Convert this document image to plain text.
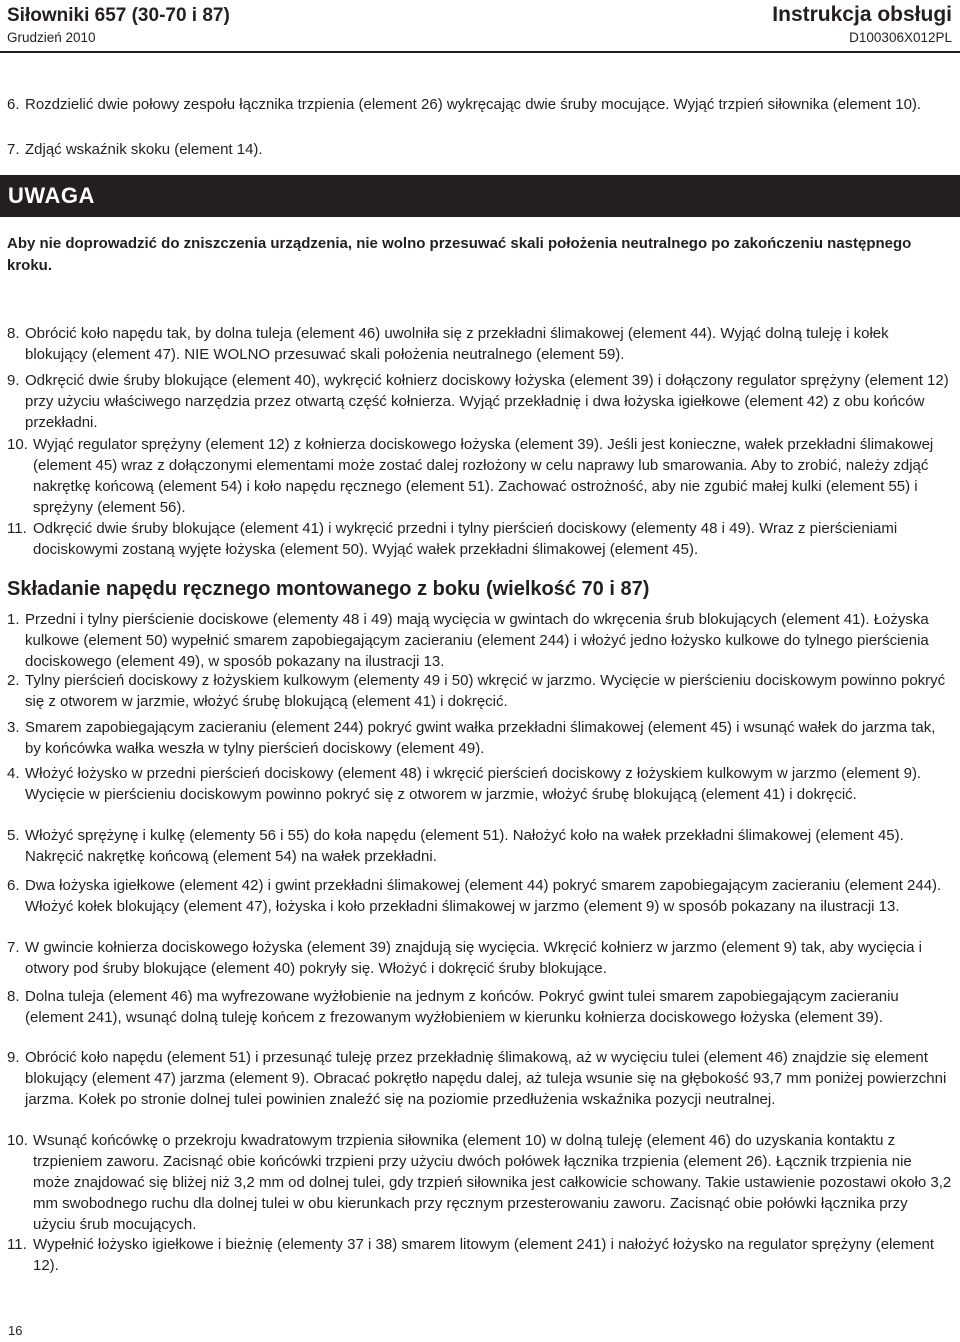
Siłowniki 657 (30-70 i 87)
Grudzień 2010
Instrukcja obsługi
D100306X012PL
6. Rozdzielić dwie połowy zespołu łącznika trzpienia (element 26) wykręcając dwie śruby mocujące. Wyjąć trzpień siłownika (element 10).
7. Zdjąć wskaźnik skoku (element 14).
UWAGA
Aby nie doprowadzić do zniszczenia urządzenia, nie wolno przesuwać skali położenia neutralnego po zakończeniu następnego kroku.
8. Obrócić koło napędu tak, by dolna tuleja (element 46) uwolniła się z przekładni ślimakowej (element 44). Wyjąć dolną tuleję i kołek blokujący (element 47). NIE WOLNO przesuwać skali położenia neutralnego (element 59).
9. Odkręcić dwie śruby blokujące (element 40), wykręcić kołnierz dociskowy łożyska (element 39) i dołączony regulator sprężyny (element 12) przy użyciu właściwego narzędzia przez otwartą część kołnierza. Wyjąć przekładnię i dwa łożyska igiełkowe (element 42) z obu końców przekładni.
10. Wyjąć regulator sprężyny (element 12) z kołnierza dociskowego łożyska (element 39). Jeśli jest konieczne, wałek przekładni ślimakowej (element 45) wraz z dołączonymi elementami może zostać dalej rozłożony w celu naprawy lub smarowania. Aby to zrobić, należy zdjąć nakrętkę końcową (element 54) i koło napędu ręcznego (element 51). Zachować ostrożność, aby nie zgubić małej kulki (element 55) i sprężyny (element 56).
11. Odkręcić dwie śruby blokujące (element 41) i wykręcić przedni i tylny pierścień dociskowy (elementy 48 i 49). Wraz z pierścieniami dociskowymi zostaną wyjęte łożyska (element 50). Wyjąć wałek przekładni ślimakowej (element 45).
Składanie napędu ręcznego montowanego z boku (wielkość 70 i 87)
1. Przedni i tylny pierścienie dociskowe (elementy 48 i 49) mają wycięcia w gwintach do wkręcenia śrub blokujących (element 41). Łożyska kulkowe (element 50) wypełnić smarem zapobiegającym zacieraniu (element 244) i włożyć jedno łożysko kulkowe do tylnego pierścienia dociskowego (element 49), w sposób pokazany na ilustracji 13.
2. Tylny pierścień dociskowy z łożyskiem kulkowym (elementy 49 i 50) wkręcić w jarzmo. Wycięcie w pierścieniu dociskowym powinno pokryć się z otworem w jarzmie, włożyć śrubę blokującą (element 41) i dokręcić.
3. Smarem zapobiegającym zacieraniu (element 244) pokryć gwint wałka przekładni ślimakowej (element 45) i wsunąć wałek do jarzma tak, by końcówka wałka weszła w tylny pierścień dociskowy (element 49).
4. Włożyć łożysko w przedni pierścień dociskowy (element 48) i wkręcić pierścień dociskowy z łożyskiem kulkowym w jarzmo (element 9). Wycięcie w pierścieniu dociskowym powinno pokryć się z otworem w jarzmie, włożyć śrubę blokującą (element 41) i dokręcić.
5. Włożyć sprężynę i kulkę (elementy 56 i 55) do koła napędu (element 51). Nałożyć koło na wałek przekładni ślimakowej (element 45). Nakręcić nakrętkę końcową (element 54) na wałek przekładni.
6. Dwa łożyska igiełkowe (element 42) i gwint przekładni ślimakowej (element 44) pokryć smarem zapobiegającym zacieraniu (element 244). Włożyć kołek blokujący (element 47), łożyska i koło przekładni ślimakowej w jarzmo (element 9) w sposób pokazany na ilustracji 13.
7. W gwincie kołnierza dociskowego łożyska (element 39) znajdują się wycięcia. Wkręcić kołnierz w jarzmo (element 9) tak, aby wycięcia i otwory pod śruby blokujące (element 40) pokryły się. Włożyć i dokręcić śruby blokujące.
8. Dolna tuleja (element 46) ma wyfrezowane wyżłobienie na jednym z końców. Pokryć gwint tulei smarem zapobiegającym zacieraniu (element 241), wsunąć dolną tuleję końcem z frezowanym wyżłobieniem w kierunku kołnierza dociskowego łożyska (element 39).
9. Obrócić koło napędu (element 51) i przesunąć tuleję przez przekładnię ślimakową, aż w wycięciu tulei (element 46) znajdzie się element blokujący (element 47) jarzma (element 9). Obracać pokrętło napędu dalej, aż tuleja wsunie się na głębokość 93,7 mm poniżej powierzchni jarzma. Kołek po stronie dolnej tulei powinien znaleźć się na poziomie przedłużenia wskaźnika pozycji neutralnej.
10. Wsunąć końcówkę o przekroju kwadratowym trzpienia siłownika (element 10) w dolną tuleję (element 46) do uzyskania kontaktu z trzpieniem zaworu. Zacisnąć obie końcówki trzpieni przy użyciu dwóch połówek łącznika trzpienia (element 26). Łącznik trzpienia nie może znajdować się bliżej niż 3,2 mm od dolnej tulei, gdy trzpień siłownika jest całkowicie schowany. Takie ustawienie pozostawi około 3,2 mm swobodnego ruchu dla dolnej tulei w obu kierunkach przy ręcznym przesterowaniu zaworu. Zacisnąć obie połówki łącznika przy użyciu śrub mocujących.
11. Wypełnić łożysko igiełkowe i bieżnię (elementy 37 i 38) smarem litowym (element 241) i nałożyć łożysko na regulator sprężyny (element 12).
16
